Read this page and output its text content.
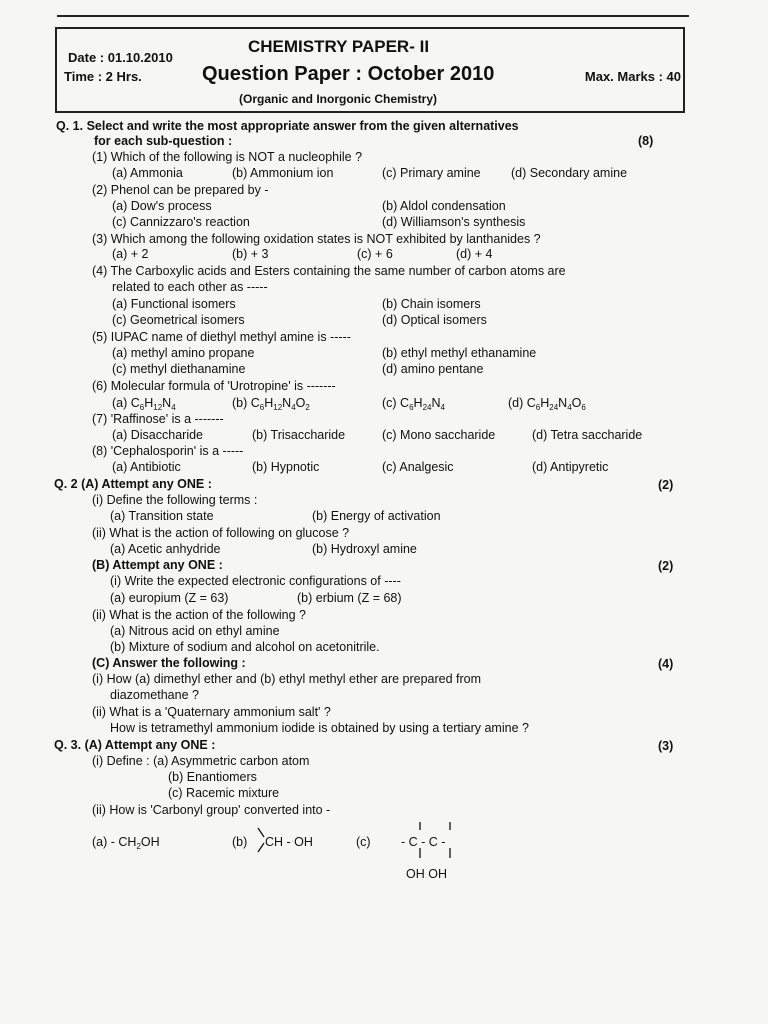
Date : 01.10.2010
Time : 2 Hrs.
CHEMISTRY PAPER- II
Question Paper : October 2010	Max. Marks : 40
(Organic and Inorgonic Chemistry)
Q. 1. Select and write the most appropriate answer from the given alternatives
for each sub-question :	(8)
(1) Which of the following is NOT a nucleophile ?
(a) Ammonia	(b) Ammonium ion	(c) Primary amine (d) Secondary amine
(2) Phenol can be prepared by -
(a) Dow's process	(b) Aldol condensation
(c) Cannizzaro's reaction	(d) Williamson's synthesis
(3) Which among the following oxidation states is NOT exhibited by lanthanides ?
(a) + 2	(b) + 3	(c) + 6	(d) + 4
(4) The Carboxylic acids and Esters containing the same number of carbon atoms are
related to each other as -----
(a) Functional isomers	(b) Chain isomers
(c) Geometrical isomers	(d) Optical isomers
(5) IUPAC name of diethyl methyl amine is -----
(a) methyl amino propane	(b) ethyl methyl ethanamine
(c) methyl diethanamine	(d) amino pentane
(6) Molecular formula of 'Urotropine' is -------
(a) $C_6H_{12}N_4$	(b) $C_6H_{12}N_4O_2$	(c) $C_6H_{24}N_4$	(d) $C_6H_{24}N_4O_6$
(7) 'Raffinose' is a -------
(a) Disaccharide	(b) Trisaccharide	(c) Mono saccharide	(d) Tetra saccharide
(8) 'Cephalosporin' is a -----
(a) Antibiotic	(b) Hypnotic	(c) Analgesic	(d) Antipyretic
Q. 2 (A) Attempt any ONE :	(2)
(i) Define the following terms :
(a) Transition state	(b) Energy of activation
(ii) What is the action of following on glucose ?
(a) Acetic anhydride	(b) Hydroxyl amine
(B) Attempt any ONE :	(2)
(i) Write the expected electronic configurations of ----
(a) europium (Z = 63)	(b) erbium (Z = 68)
(ii) What is the action of the following ?
(a) Nitrous acid on ethyl amine
(b) Mixture of sodium and alcohol on acetonitrile.
(C) Answer the following :	(4)
(i) How (a) dimethyl ether and (b) ethyl methyl ether are prepared from
diazomethane ?
(ii) What is a 'Quaternary ammonium salt' ?
How is tetramethyl ammonium iodide is obtained by using a tertiary amine ?
Q. 3. (A) Attempt any ONE :	(3)
(i) Define : (a) Asymmetric carbon atom
(b) Enantiomers
(c) Racemic mixture
(ii) How is 'Carbonyl group' converted into -
$(a) - CH_2OH$	(b) CH - OH	(c) - C - C -
OH OH
